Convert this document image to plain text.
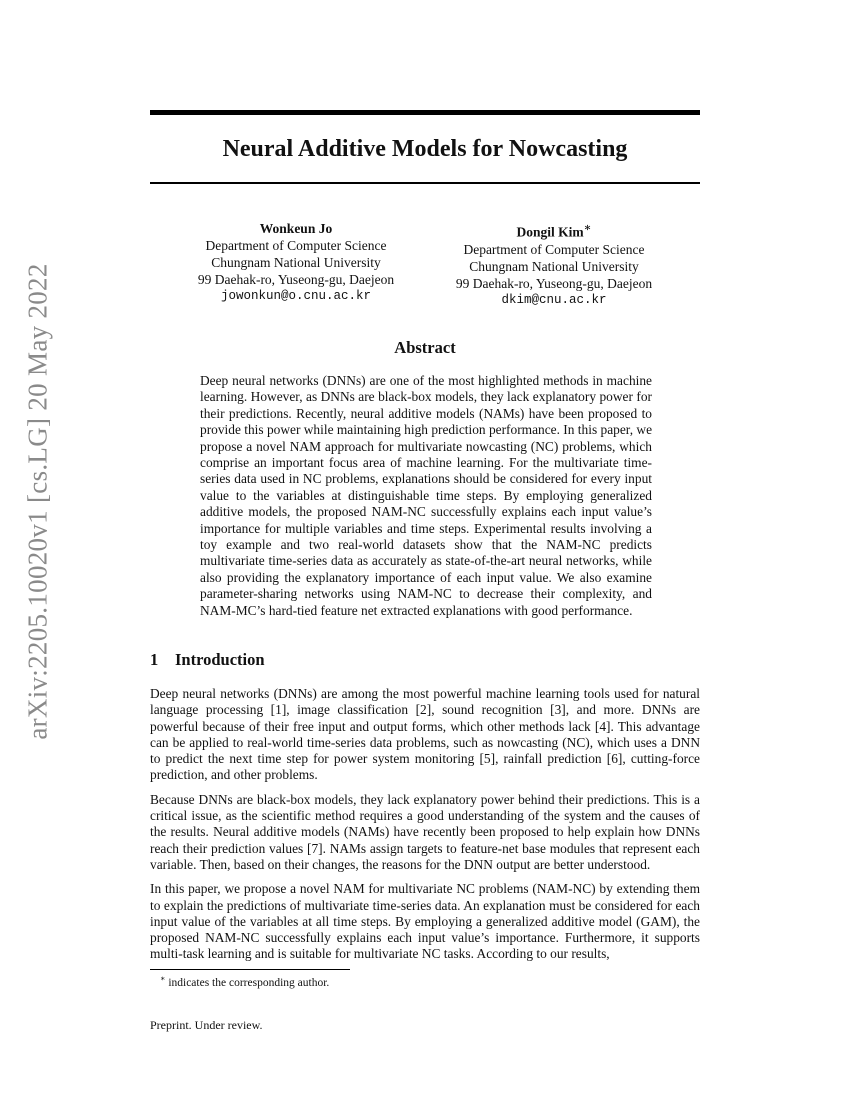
arXiv:2205.10020v1 [cs.LG] 20 May 2022
Neural Additive Models for Nowcasting
Wonkeun Jo
Department of Computer Science
Chungnam National University
99 Daehak-ro, Yuseong-gu, Daejeon
jowonkun@o.cnu.ac.kr
Dongil Kim∗
Department of Computer Science
Chungnam National University
99 Daehak-ro, Yuseong-gu, Daejeon
dkim@cnu.ac.kr
Abstract
Deep neural networks (DNNs) are one of the most highlighted methods in machine learning. However, as DNNs are black-box models, they lack explanatory power for their predictions. Recently, neural additive models (NAMs) have been proposed to provide this power while maintaining high prediction performance. In this paper, we propose a novel NAM approach for multivariate nowcasting (NC) problems, which comprise an important focus area of machine learning. For the multivariate time-series data used in NC problems, explanations should be considered for every input value to the variables at distinguishable time steps. By employing generalized additive models, the proposed NAM-NC successfully explains each input value’s importance for multiple variables and time steps. Experimental results involving a toy example and two real-world datasets show that the NAM-NC predicts multivariate time-series data as accurately as state-of-the-art neural networks, while also providing the explanatory importance of each input value. We also examine parameter-sharing networks using NAM-NC to decrease their complexity, and NAM-MC’s hard-tied feature net extracted explanations with good performance.
1 Introduction

Deep neural networks (DNNs) are among the most powerful machine learning tools used for natural language processing [1], image classification [2], sound recognition [3], and more. DNNs are powerful because of their free input and output forms, which other methods lack [4]. This advantage can be applied to real-world time-series data problems, such as nowcasting (NC), which uses a DNN to predict the next time step for power system monitoring [5], rainfall prediction [6], cutting-force prediction, and other problems.

Because DNNs are black-box models, they lack explanatory power behind their predictions. This is a critical issue, as the scientific method requires a good understanding of the system and the causes of the results. Neural additive models (NAMs) have recently been proposed to help explain how DNNs reach their prediction values [7]. NAMs assign targets to feature-net base modules that represent each variable. Then, based on their changes, the reasons for the DNN output are better understood.

In this paper, we propose a novel NAM for multivariate NC problems (NAM-NC) by extending them to explain the predictions of multivariate time-series data. An explanation must be considered for each input value of the variables at all time steps. By employing a generalized additive model (GAM), the proposed NAM-NC successfully explains each input value’s importance. Furthermore, it supports multi-task learning and is suitable for multivariate NC tasks. According to our results,

∗ indicates the corresponding author.
Preprint. Under review.
